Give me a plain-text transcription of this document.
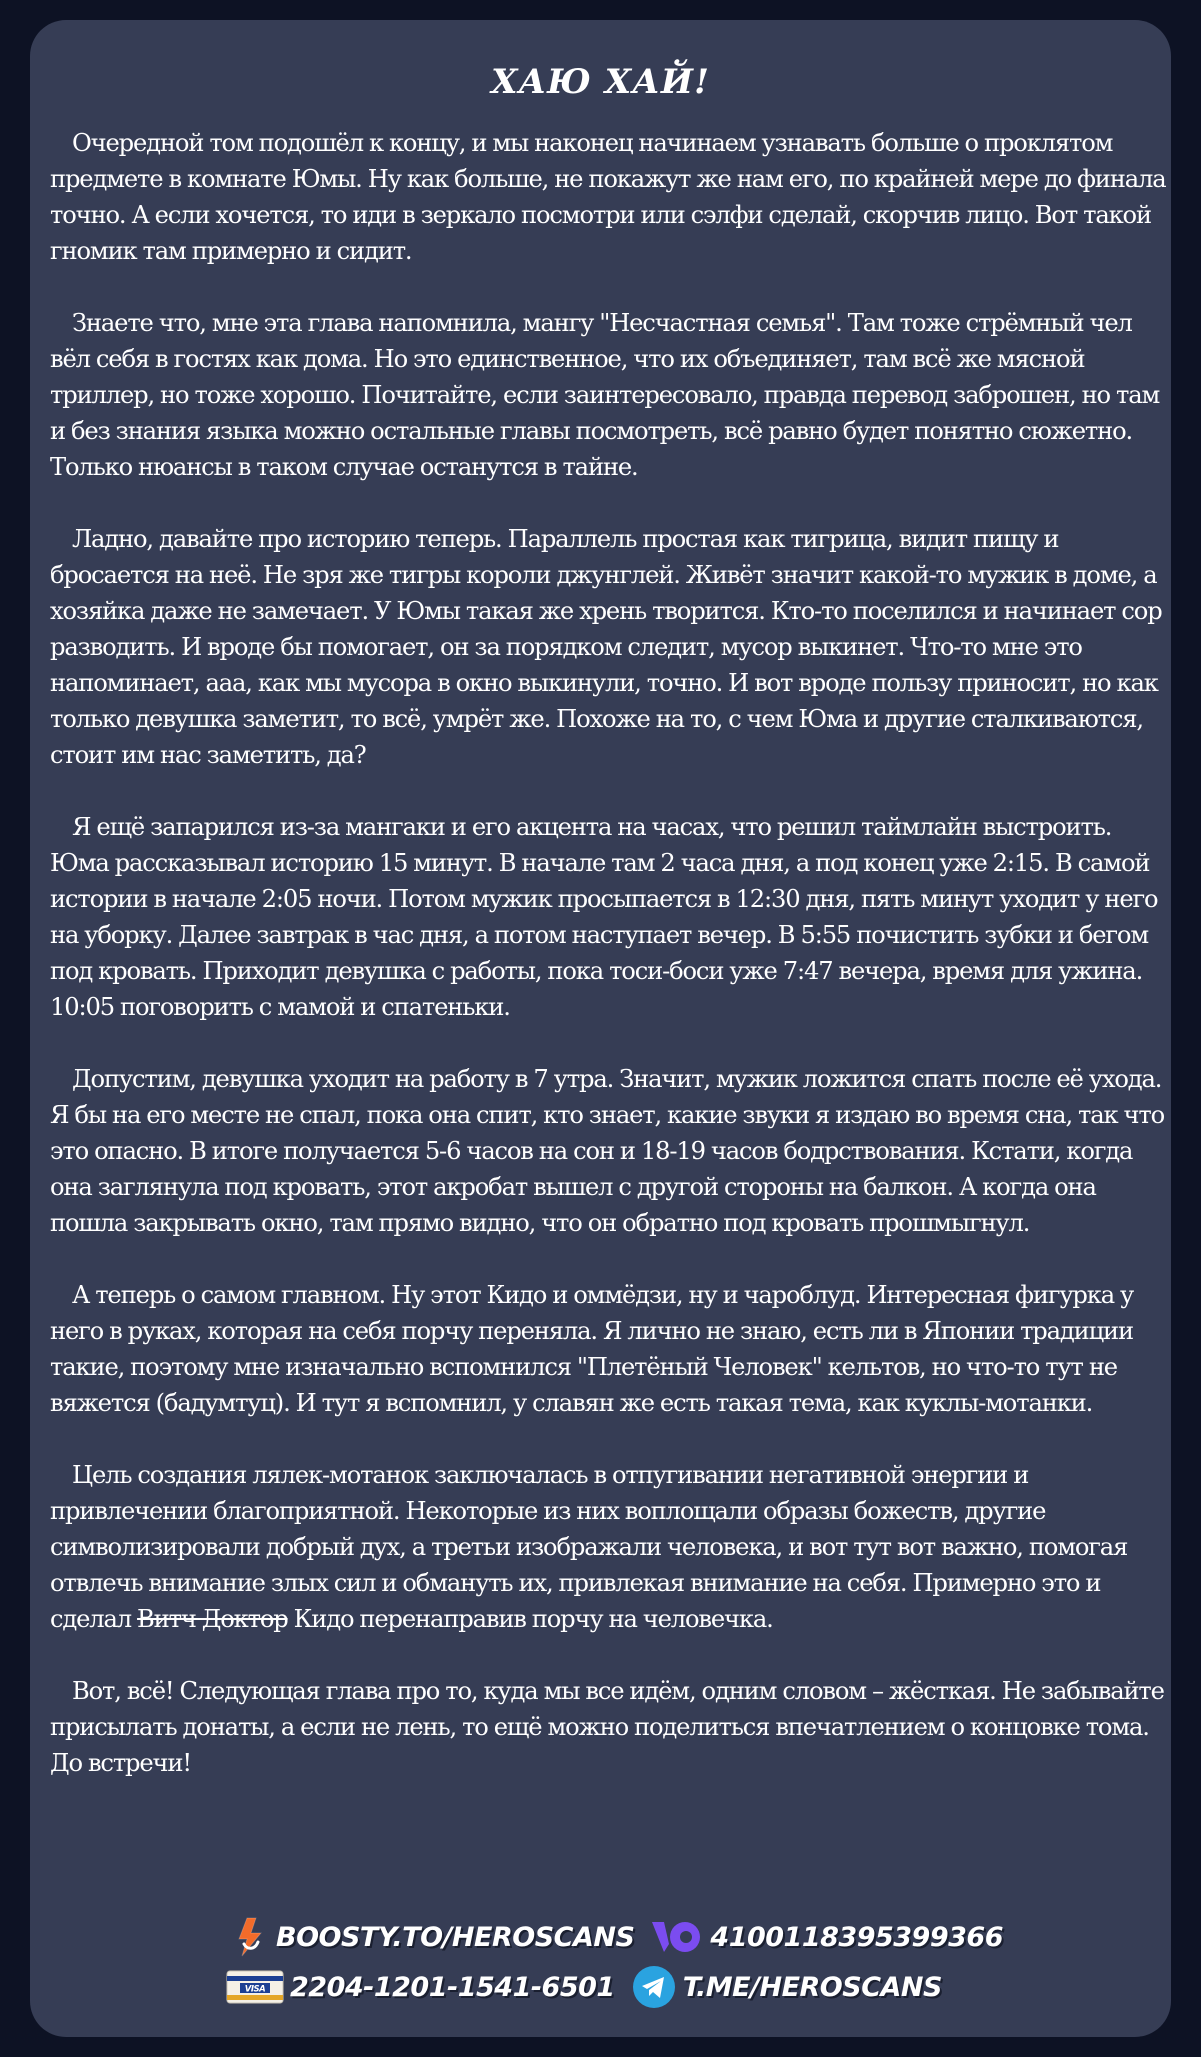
ХАЮ ХАЙ!

Очередной том подошёл к концу, и мы наконец начинаем узнавать больше о проклятом предмете в комнате Юмы. Ну как больше, не покажут же нам его, по крайней мере до финала точно. А если хочется, то иди в зеркало посмотри или сэлфи сделай, скорчив лицо. Вот такой гномик там примерно и сидит.

Знаете что, мне эта глава напомнила, мангу "Несчастная семья". Там тоже стрёмный чел вёл себя в гостях как дома. Но это единственное, что их объединяет, там всё же мясной триллер, но тоже хорошо. Почитайте, если заинтересовало, правда перевод заброшен, но там и без знания языка можно остальные главы посмотреть, всё равно будет понятно сюжетно. Только нюансы в таком случае останутся в тайне.

Ладно, давайте про историю теперь. Параллель простая как тигрица, видит пищу и бросается на неё. Не зря же тигры короли джунглей. Живёт значит какой-то мужик в доме, а хозяйка даже не замечает. У Юмы такая же хрень творится. Кто-то поселился и начинает сор разводить. И вроде бы помогает, он за порядком следит, мусор выкинет. Что-то мне это напоминает, ааа, как мы мусора в окно выкинули, точно. И вот вроде пользу приносит, но как только девушка заметит, то всё, умрёт же. Похоже на то, с чем Юма и другие сталкиваются, стоит им нас заметить, да?

Я ещё запарился из-за мангаки и его акцента на часах, что решил таймлайн выстроить. Юма рассказывал историю 15 минут. В начале там 2 часа дня, а под конец уже 2:15. В самой истории в начале 2:05 ночи. Потом мужик просыпается в 12:30 дня, пять минут уходит у него на уборку. Далее завтрак в час дня, а потом наступает вечер. В 5:55 почистить зубки и бегом под кровать. Приходит девушка с работы, пока тоси-боси уже 7:47 вечера, время для ужина. 10:05 поговорить с мамой и спатеньки.

Допустим, девушка уходит на работу в 7 утра. Значит, мужик ложится спать после её ухода. Я бы на его месте не спал, пока она спит, кто знает, какие звуки я издаю во время сна, так что это опасно. В итоге получается 5-6 часов на сон и 18-19 часов бодрствования. Кстати, когда она заглянула под кровать, этот акробат вышел с другой стороны на балкон. А когда она пошла закрывать окно, там прямо видно, что он обратно под кровать прошмыгнул.

А теперь о самом главном. Ну этот Кидо и оммёдзи, ну и чароблуд. Интересная фигурка у него в руках, которая на себя порчу переняла. Я лично не знаю, есть ли в Японии традиции такие, поэтому мне изначально вспомнился "Плетёный Человек" кельтов, но что-то тут не вяжется (бадумтуц). И тут я вспомнил, у славян же есть такая тема, как куклы-мотанки.

Цель создания лялек-мотанок заключалась в отпугивании негативной энергии и привлечении благоприятной. Некоторые из них воплощали образы божеств, другие символизировали добрый дух, а третьи изображали человека, и вот тут вот важно, помогая отвлечь внимание злых сил и обмануть их, привлекая внимание на себя. Примерно это и сделал Витч Доктор Кидо перенаправив порчу на человечка.

Вот, всё! Следующая глава про то, куда мы все идём, одним словом – жёсткая. Не забывайте присылать донаты, а если не лень, то ещё можно поделиться впечатлением о концовке тома. До встречи!

BOOSTY.TO/HEROSCANS	4100118395399366
VISA 2204-1201-1541-6501	T.ME/HEROSCANS
